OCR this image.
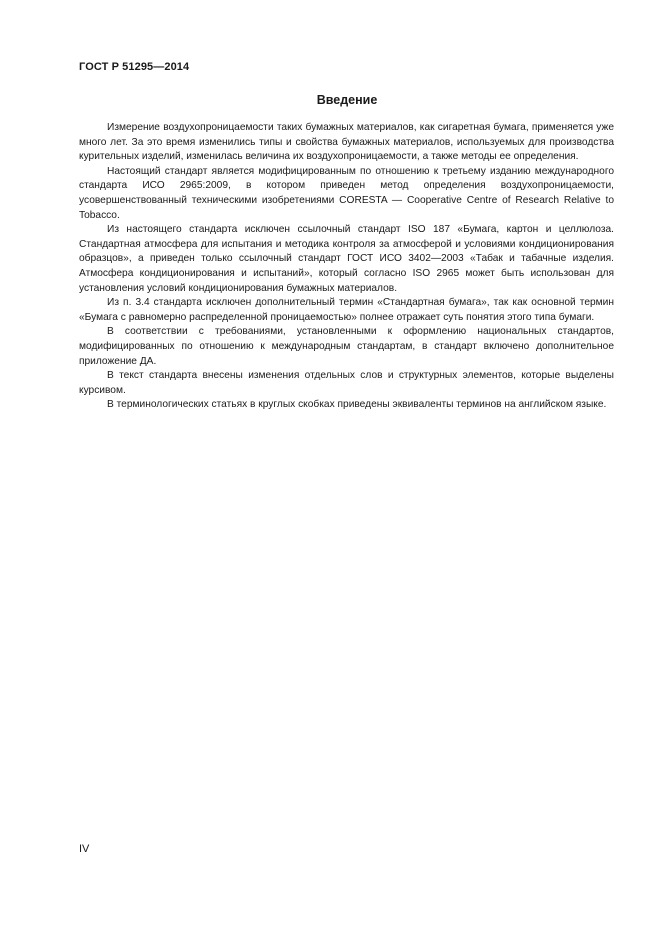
ГОСТ Р 51295—2014
Введение

Измерение воздухопроницаемости таких бумажных материалов, как сигаретная бумага, применяется уже много лет. За это время изменились типы и свойства бумажных материалов, используемых для производства курительных изделий, изменилась величина их воздухопроницаемости, а также методы ее определения.

Настоящий стандарт является модифицированным по отношению к третьему изданию международного стандарта ИСО 2965:2009, в котором приведен метод определения воздухопроницаемости, усовершенствованный техническими изобретениями CORESTA — Cooperative Centre of Research Relative to Tobacco.

Из настоящего стандарта исключен ссылочный стандарт ISO 187 «Бумага, картон и целлюлоза. Стандартная атмосфера для испытания и методика контроля за атмосферой и условиями кондиционирования образцов», а приведен только ссылочный стандарт ГОСТ ИСО 3402—2003 «Табак и табачные изделия. Атмосфера кондиционирования и испытаний», который согласно ISO 2965 может быть использован для установления условий кондиционирования бумажных материалов.

Из п. 3.4 стандарта исключен дополнительный термин «Стандартная бумага», так как основной термин «Бумага с равномерно распределенной проницаемостью» полнее отражает суть понятия этого типа бумаги.

В соответствии с требованиями, установленными к оформлению национальных стандартов, модифицированных по отношению к международным стандартам, в стандарт включено дополнительное приложение ДА.

В текст стандарта внесены изменения отдельных слов и структурных элементов, которые выделены курсивом.

В терминологических статьях в круглых скобках приведены эквиваленты терминов на английском языке.

IV
